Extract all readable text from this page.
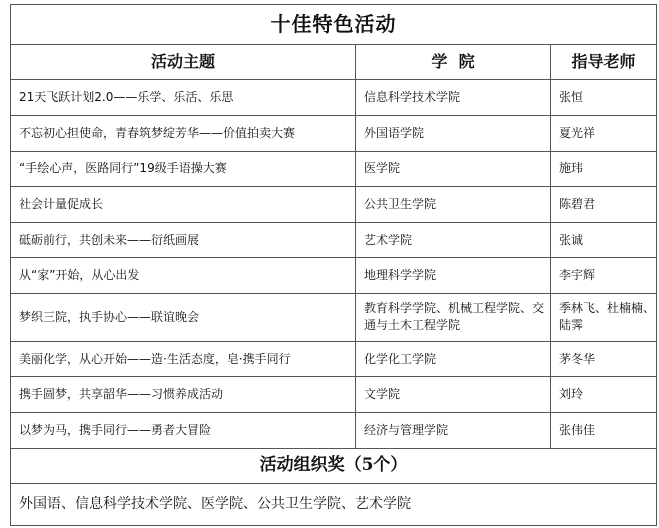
十佳特色活动		
活动主题	学  院	指导老师
21天飞跃计划2.0——乐学、乐活、乐思	信息科学技术学院	张恒
不忘初心担使命，青春筑梦绽芳华——价值拍卖大赛	外国语学院	夏光祥
“手绘心声，医路同行”19级手语操大赛	医学院	施玮
社会计量促成长	公共卫生学院	陈碧君
砥砺前行，共创未来——衍纸画展	艺术学院	张诚
从“家”开始，从心出发	地理科学学院	李宇辉
梦织三院，执手协心——联谊晚会	教育科学学院、机械工程学院、交通与土木工程学院	季林飞、杜楠楠、陆霁
美丽化学，从心开始——造·生活态度，皂·携手同行	化学化工学院	茅冬华
携手圆梦，共享韶华——习惯养成活动	文学院	刘玲
以梦为马，携手同行——勇者大冒险	经济与管理学院	张伟佳
活动组织奖（5个）		
外国语、信息科学技术学院、医学院、公共卫生学院、艺术学院		
